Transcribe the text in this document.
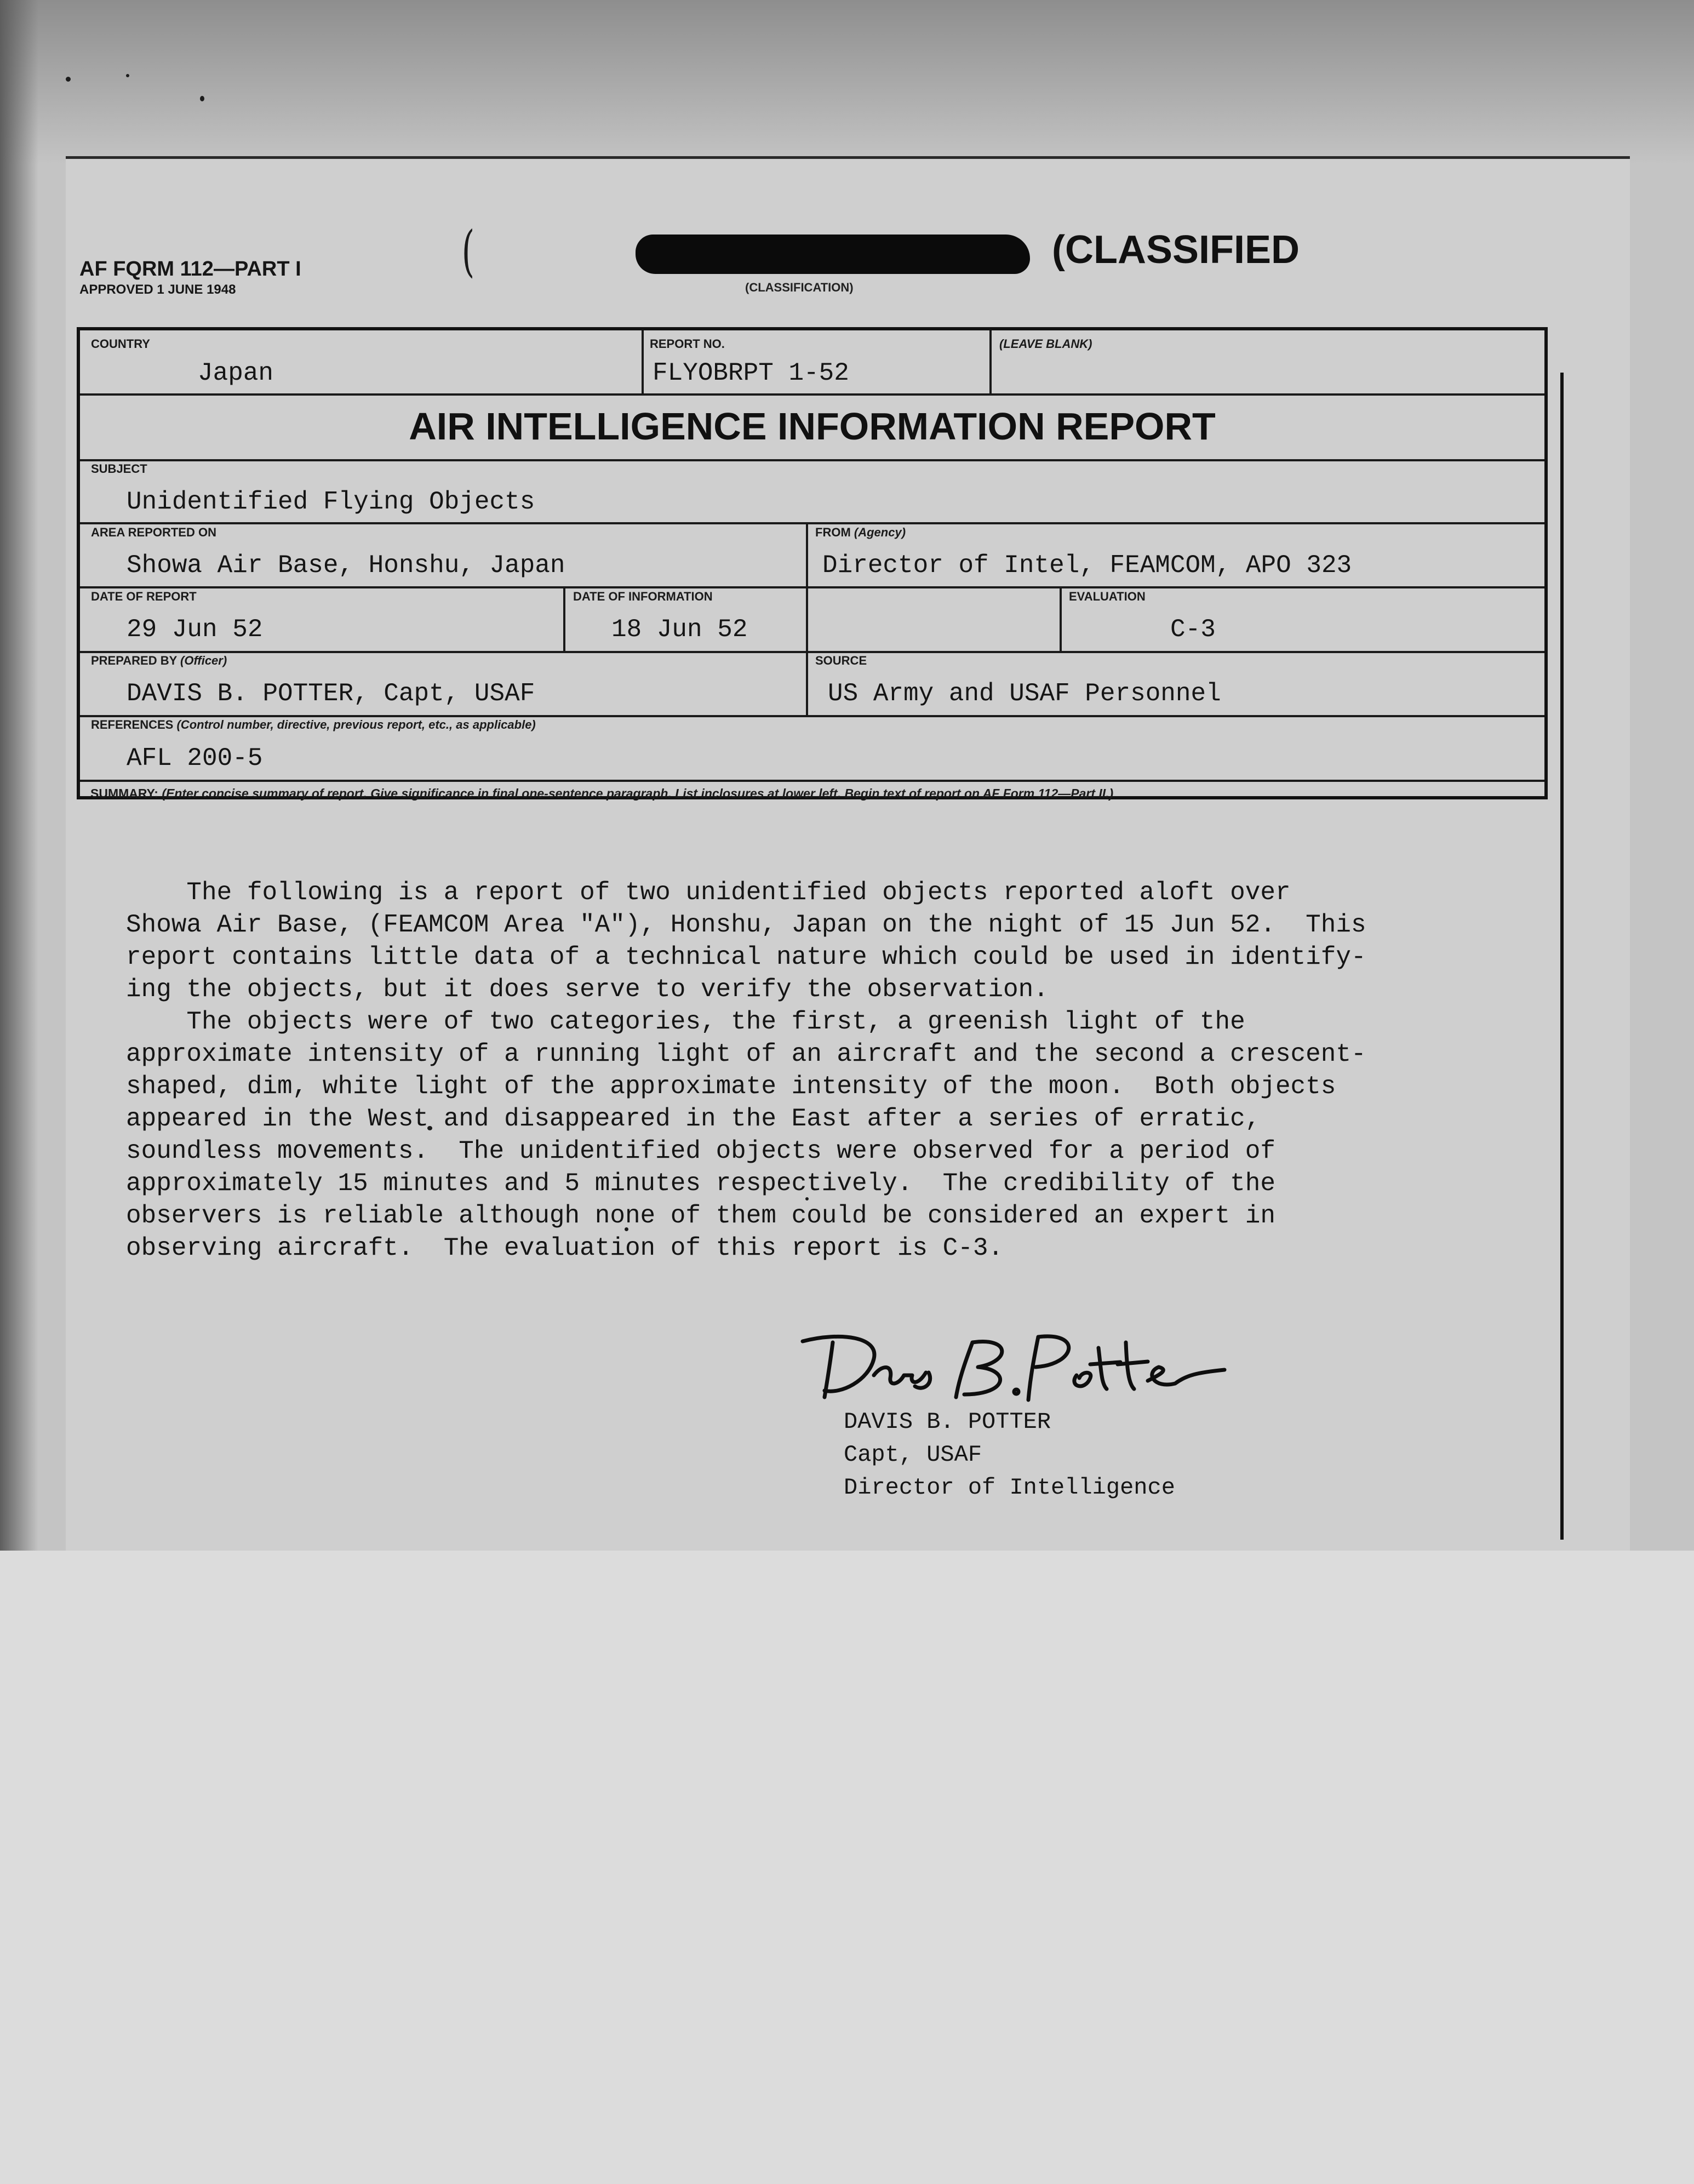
AF FQRM 112—PART I
APPROVED 1 JUNE 1948
(	(CLASSIFIED
(CLASSIFICATION)
COUNTRY
Japan
REPORT NO.
FLYOBRPT 1-52
(LEAVE BLANK)
AIR INTELLIGENCE INFORMATION REPORT
SUBJECT
Unidentified Flying Objects
AREA REPORTED ON
Showa Air Base, Honshu, Japan
FROM (Agency)
Director of Intel, FEAMCOM, APO 323
DATE OF REPORT
29 Jun 52
DATE OF INFORMATION
18 Jun 52
EVALUATION
C-3
PREPARED BY (Officer)
DAVIS B. POTTER, Capt, USAF
SOURCE
US Army and USAF Personnel
REFERENCES (Control number, directive, previous report, etc., as applicable)
AFL 200-5
SUMMARY: (Enter concise summary of report. Give significance in final one-sentence paragraph. List inclosures at lower left. Begin text of report on AF Form 112—Part II.)

The following is a report of two unidentified objects reported aloft over

Showa Air Base, (FEAMCOM Area "A"), Honshu, Japan on the night of 15 Jun 52.  This

report contains little data of a technical nature which could be used in identify-

ing the objects, but it does serve to verify the observation.

The objects were of two categories, the first, a greenish light of the

approximate intensity of a running light of an aircraft and the second a crescent-

shaped, dim, white light of the approximate intensity of the moon.  Both objects

appeared in the West and disappeared in the East after a series of erratic,

soundless movements.  The unidentified objects were observed for a period of

approximately 15 minutes and 5 minutes respectively.  The credibility of the

observers is reliable although none of them could be considered an expert in

observing aircraft.  The evaluation of this report is C-3.

DAVIS B. POTTER
Capt, USAF
Director of Intelligence
